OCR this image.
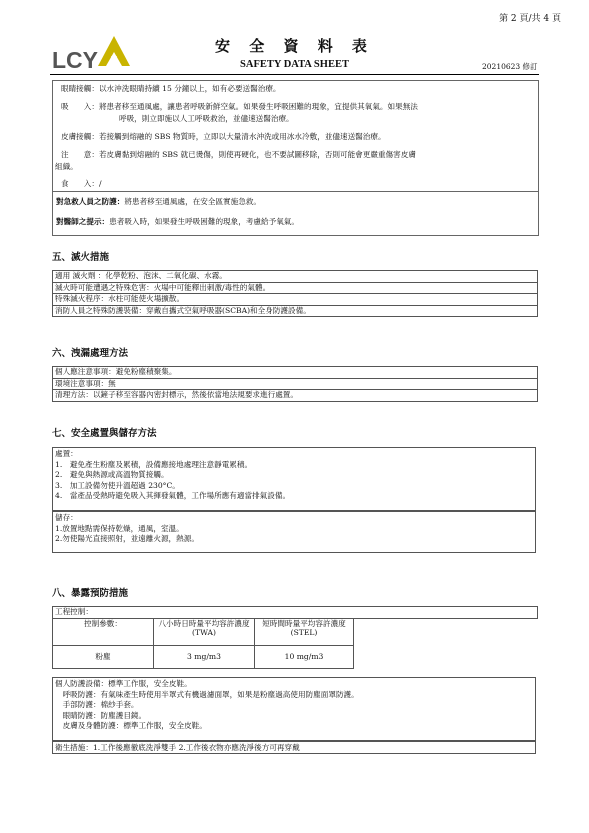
第 2 頁/共 4 頁
LCY
安 全 資 料 表
SAFETY DATA SHEET	20210623 修訂
眼睛接觸：以水沖洗眼睛持續 15 分鐘以上，如有必要送醫治療。
吸　　入：將患者移至通風處，讓患者呼吸新鮮空氣。如果發生呼吸困難的現象，宜提供其氧氣。如果無法
呼吸，則立即施以人工呼吸救治，並儘速送醫治療。
皮膚接觸：若接觸到熔融的 SBS 物質時，立即以大量清水沖洗或用冰水冷敷，並儘速送醫治療。
注　　意：若皮膚黏到熔融的 SBS 就已燙傷，則使再硬化，也不要試圖移除，否則可能會更嚴重傷害皮膚
組織。
食　　入：/
對急救人員之防護：將患者移至通風處，在安全區實施急救。
對醫師之提示：患者吸入時，如果發生呼吸困難的現象，考慮給予氧氣。
五、滅火措施
適用 滅火劑 ：化學乾粉、泡沫、二氧化碳、水霧。
滅火時可能遭遇之特殊危害：火場中可能釋出刺激/毒性的氣體。
特殊滅火程序：水柱可能使火場擴散。
消防人員之特殊防護裝備：穿戴自攜式空氣呼吸器(SCBA)和全身防護設備。
六、洩漏處理方法
個人應注意事項：避免粉塵積聚集。
環境注意事項：無
清理方法：以鏟子移至容器內密封標示，然後依當地法規要求進行處置。
七、安全處置與儲存方法
處置：
1.　避免產生粉塵及累積，設備應接地處理注意靜電累積。
2.　避免與熱源或高溫物質接觸。
3.　加工設備勿使升溫超過 230°C。
4.　當產品受熱時避免吸入其揮發氣體，工作場所應有適當排氣設備。
儲存：
1.放置地點需保持乾燥，通風，室溫。
2.勿使陽光直接照射，並遠離火源，熱源。
八、暴露預防措施
工程控制：			
控制參數：	八小時日時量平均容許濃度(TWA)	短時間時量平均容許濃度(STEL)	
粉塵	3 mg/m3	10 mg/m3	
個人防護設備：標準工作服，安全皮鞋。
　呼吸防護：有氣味產生時使用半罩式有機過濾面罩，如果是粉塵過高使用防塵面罩防護。
　手部防護：棉紗手套。
　眼睛防護：防塵護目鏡。
　皮膚及身體防護：標準工作服，安全皮鞋。
衛生措施：1.工作後應徹底洗淨雙手 2.工作後衣物亦應洗淨後方可再穿戴
